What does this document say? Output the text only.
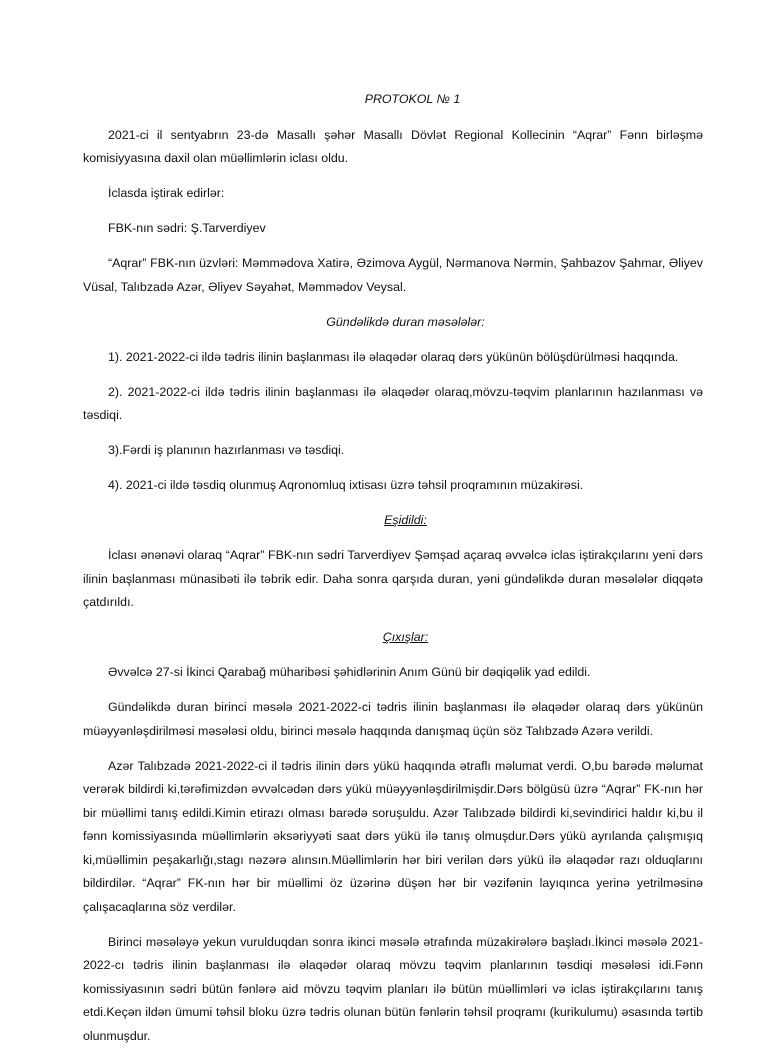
PROTOKOL № 1

2021-ci il sentyabrın 23-də Masallı şəhər Masallı Dövlət Regional Kollecinin “Aqrar” Fənn birləşmə komisiyyasına daxil olan müəllimlərin iclası oldu.

İclasda iştirak edirlər:

FBK-nın sədri: Ş.Tarverdiyev

“Aqrar” FBK-nın üzvləri: Məmmədova Xatirə, Əzimova Aygül, Nərmanova Nərmin, Şahbazov Şahmar, Əliyev Vüsal, Talıbzadə Azər, Əliyev Səyahət, Məmmədov Veysal.

Gündəlikdə duran məsələlər:

1). 2021-2022-ci ildə tədris ilinin başlanması ilə əlaqədər olaraq dərs yükünün bölüşdürülməsi haqqında.

2). 2021-2022-ci ildə tədris ilinin başlanması ilə əlaqədər olaraq,mövzu-təqvim planlarının hazılanması və təsdiqi.

3).Fərdi iş planının hazırlanması və təsdiqi.

4). 2021-ci ildə təsdiq olunmuş Aqronomluq ixtisası üzrə təhsil proqramının müzakirəsi.

Eşidildi:

İclası ənənəvi olaraq “Aqrar” FBK-nın sədri Tarverdiyev Şəmşad açaraq əvvəlcə iclas iştirakçılarını yeni dərs ilinin başlanması münasibəti ilə təbrik edir. Daha sonra qarşıda duran, yəni gündəlikdə duran məsələlər diqqətə çatdırıldı.

Çıxışlar:

Əvvəlcə 27-si İkinci Qarabağ müharibəsi şəhidlərinin Anım Günü bir dəqiqəlik yad edildi.

Gündəlikdə duran birinci məsələ 2021-2022-ci tədris ilinin başlanması ilə əlaqədər olaraq dərs yükünün müəyyənləşdirilməsi məsələsi oldu, birinci məsələ haqqında danışmaq üçün söz Talıbzadə Azərə verildi.

Azər Talıbzadə 2021-2022-ci il tədris ilinin dərs yükü haqqında ətraflı məlumat verdi. O,bu barədə məlumat verərək bildirdi ki,tərəfimizdən əvvəlcədən dərs yükü müəyyənləşdirilmişdir.Dərs bölgüsü üzrə “Aqrar” FK-nın hər bir müəllimi tanış edildi.Kimin etirazı olması barədə soruşuldu. Azər Talıbzadə bildirdi ki,sevindirici haldır ki,bu il fənn komissiyasında müəllimlərin əksəriyyəti saat dərs yükü ilə tanış olmuşdur.Dərs yükü ayrılanda çalışmışıq ki,müəllimin peşakarlığı,stagı nəzərə alınsın.Müəllimlərin hər biri verilən dərs yükü ilə əlaqədər razı olduqlarını bildirdilər. “Aqrar” FK-nın hər bir müəllimi öz üzərinə düşən hər bir vəzifənin layıqınca yerinə yetrilməsinə çalışacaqlarına söz verdilər.

Birinci məsələyə yekun vurulduqdan sonra ikinci məsələ ətrafında müzakirələrə başladı.İkinci məsələ 2021-2022-cı tədris ilinin başlanması ilə əlaqədər olaraq mövzu təqvim planlarının təsdiqi məsələsi idi.Fənn komissiyasının sədri bütün fənlərə aid mövzu təqvim planları ilə bütün müəllimləri və iclas iştirakçılarını tanış etdi.Keçən ildən ümumi təhsil bloku üzrə tədris olunan bütün fənlərin təhsil proqramı (kurikulumu) əsasında tərtib olunmuşdur.
